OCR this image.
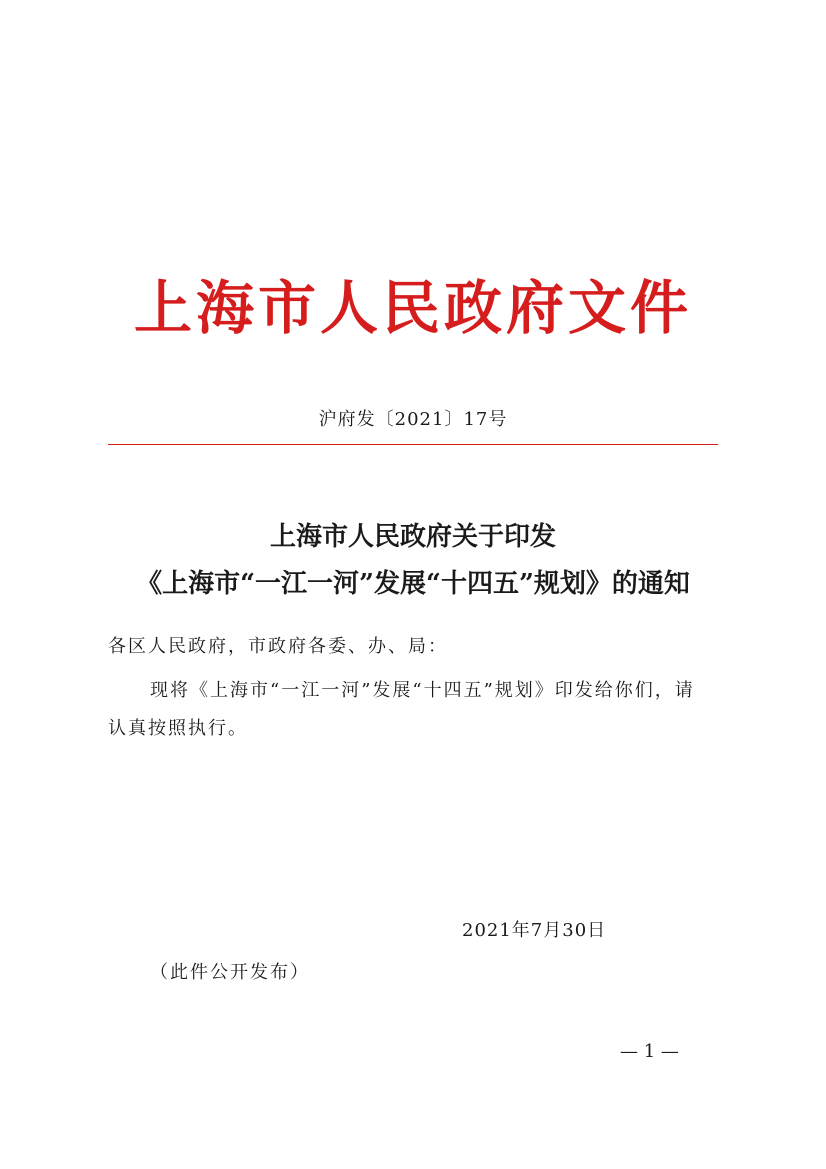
上海市人民政府文件
沪府发〔2021〕17号
上海市人民政府关于印发
《上海市“一江一河”发展“十四五”规划》的通知
各区人民政府，市政府各委、办、局：
现将《上海市“一江一河”发展“十四五”规划》印发给你们，请
认真按照执行。
2021年7月30日
（此件公开发布）
— 1 —
